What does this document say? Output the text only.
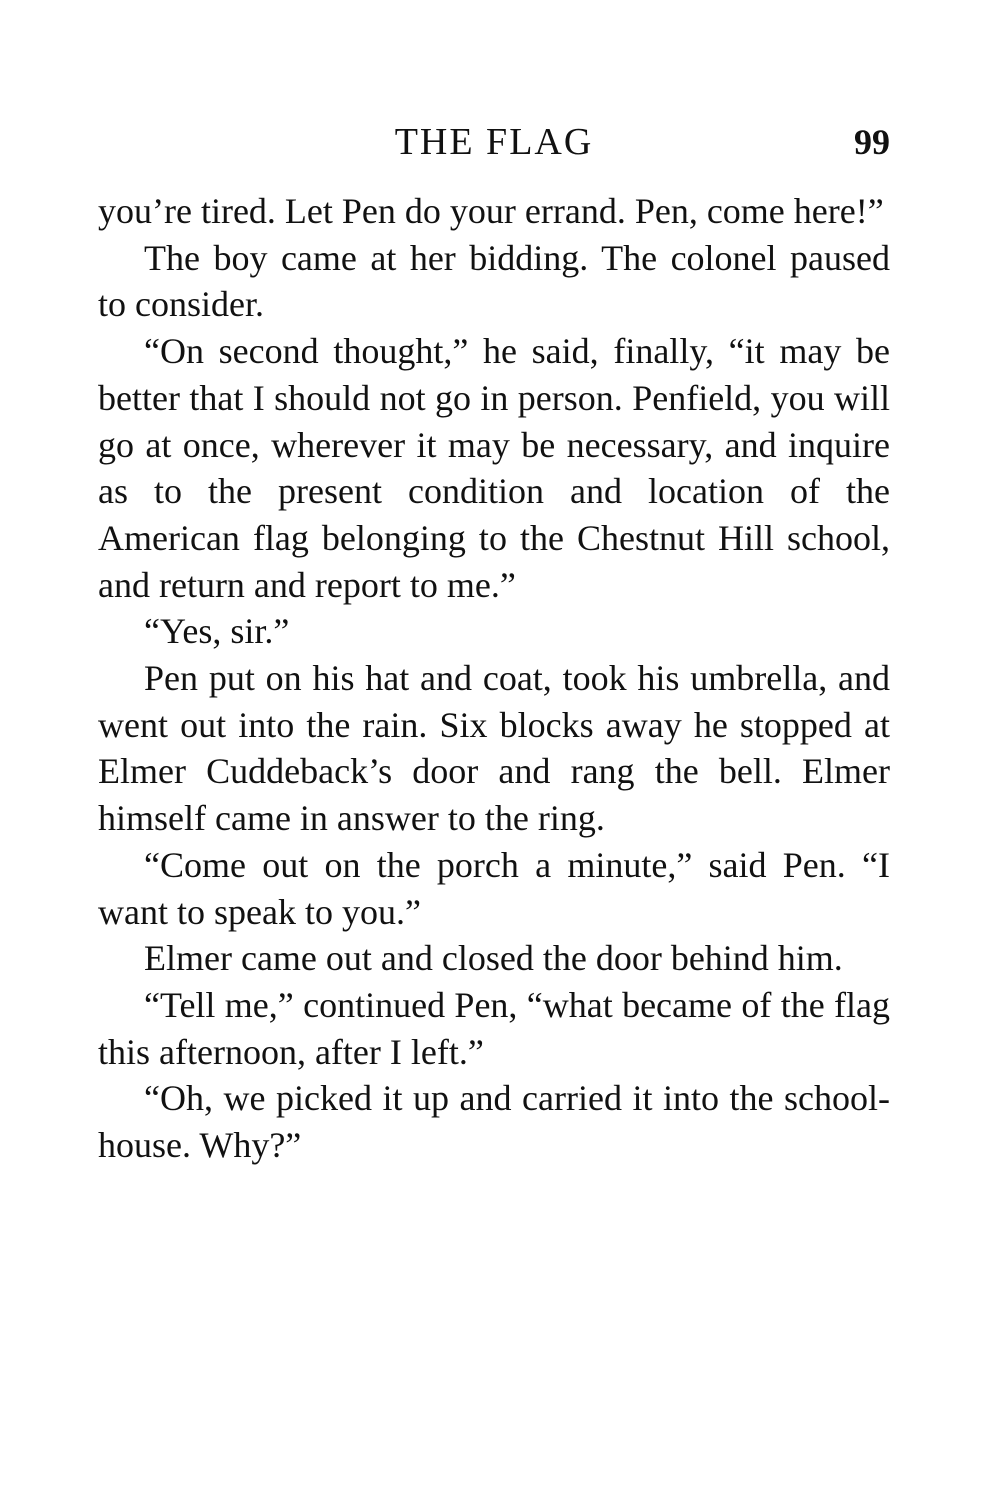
THE FLAG	99

you’re tired. Let Pen do your errand. Pen, come here!”

The boy came at her bidding. The colonel paused to consider.

“On second thought,” he said, finally, “it may be better that I should not go in person. Penfield, you will go at once, wherever it may be necessary, and inquire as to the present condition and location of the American flag belonging to the Chestnut Hill school, and return and report to me.”

“Yes, sir.”

Pen put on his hat and coat, took his umbrella, and went out into the rain. Six blocks away he stopped at Elmer Cuddeback’s door and rang the bell. Elmer himself came in answer to the ring.

“Come out on the porch a minute,” said Pen. “I want to speak to you.”

Elmer came out and closed the door behind him.

“Tell me,” continued Pen, “what became of the flag this afternoon, after I left.”

“Oh, we picked it up and carried it into the school-house. Why?”
